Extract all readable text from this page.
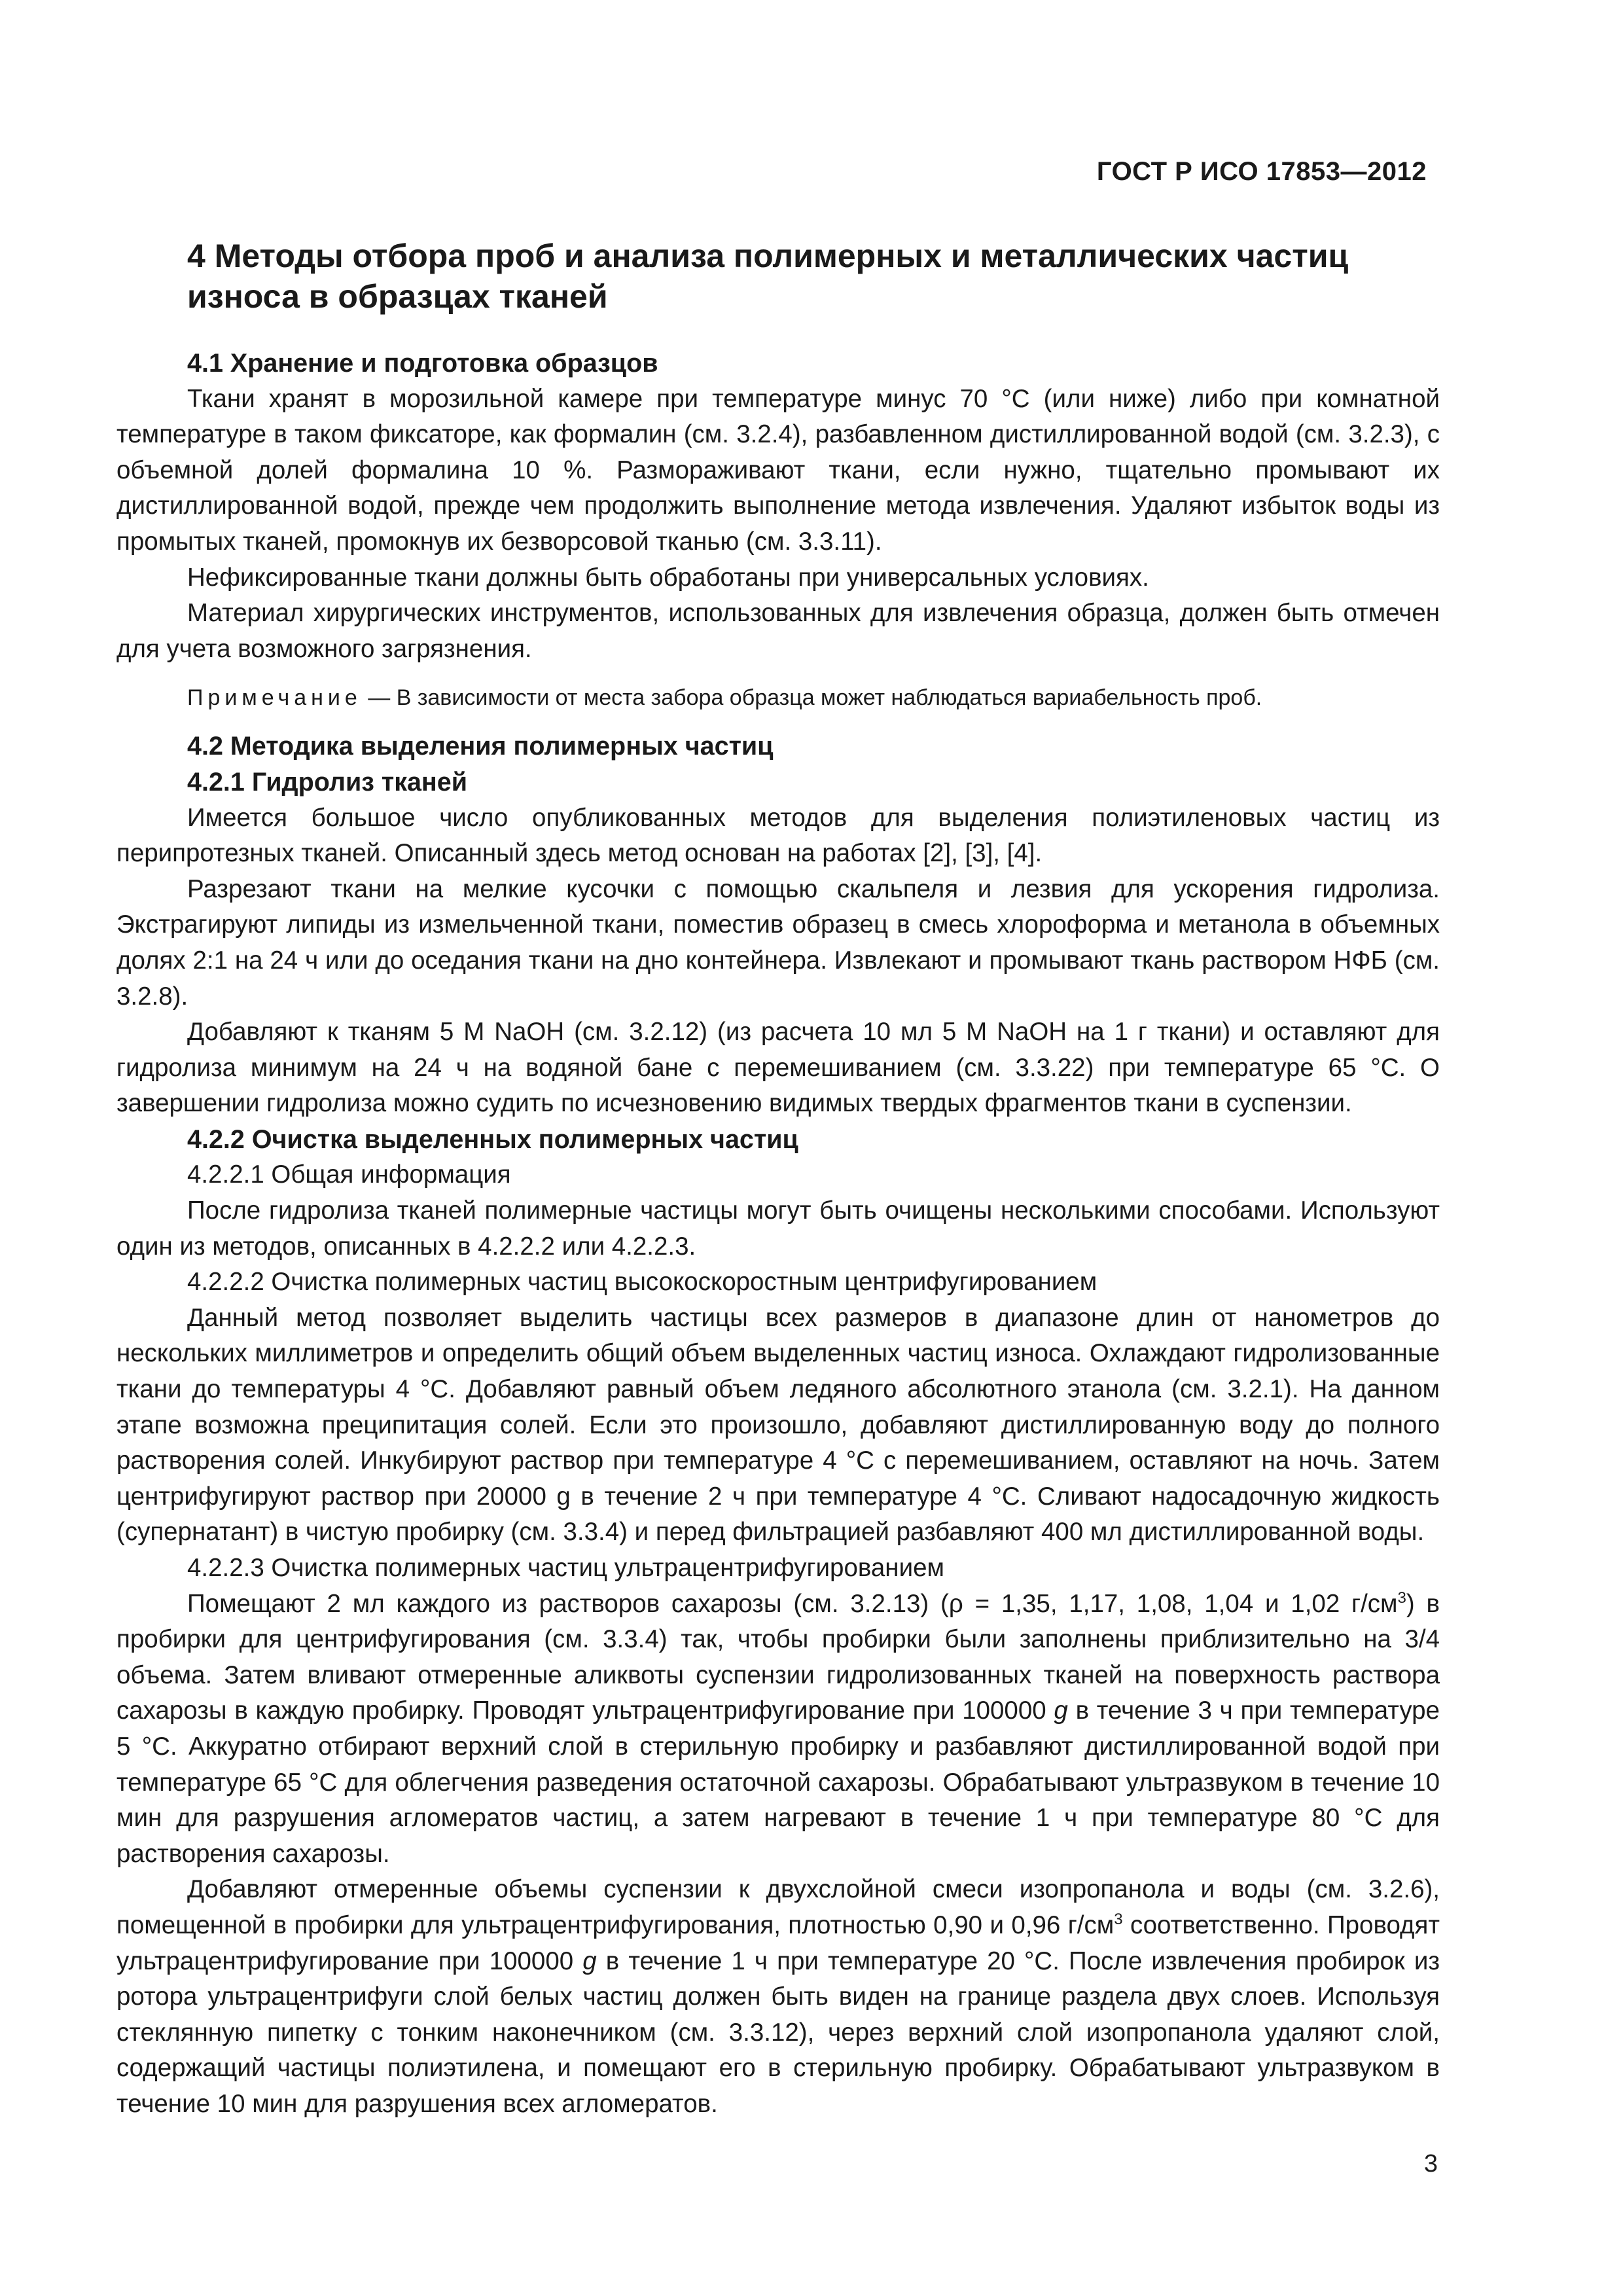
ГОСТ Р ИСО 17853—2012
4 Методы отбора проб и анализа полимерных и металлических частиц износа в образцах тканей
4.1 Хранение и подготовка образцов

Ткани хранят в морозильной камере при температуре минус 70 °С (или ниже) либо при комнатной температуре в таком фиксаторе, как формалин (см. 3.2.4), разбавленном дистиллированной водой (см. 3.2.3), с объемной долей формалина 10 %. Размораживают ткани, если нужно, тщательно промывают их дистиллированной водой, прежде чем продолжить выполнение метода извлечения. Удаляют избыток воды из промытых тканей, промокнув их безворсовой тканью (см. 3.3.11).

Нефиксированные ткани должны быть обработаны при универсальных условиях.

Материал хирургических инструментов, использованных для извлечения образца, должен быть отмечен для учета возможного загрязнения.

Примечание — В зависимости от места забора образца может наблюдаться вариабельность проб.

4.2 Методика выделения полимерных частиц
4.2.1 Гидролиз тканей

Имеется большое число опубликованных методов для выделения полиэтиленовых частиц из перипротезных тканей. Описанный здесь метод основан на работах [2], [3], [4].

Разрезают ткани на мелкие кусочки с помощью скальпеля и лезвия для ускорения гидролиза. Экстрагируют липиды из измельченной ткани, поместив образец в смесь хлороформа и метанола в объемных долях 2:1 на 24 ч или до оседания ткани на дно контейнера. Извлекают и промывают ткань раствором НФБ (см. 3.2.8).

Добавляют к тканям 5 М NaOH (см. 3.2.12) (из расчета 10 мл 5 М NaOH на 1 г ткани) и оставляют для гидролиза минимум на 24 ч на водяной бане с перемешиванием (см. 3.3.22) при температуре 65 °С. О завершении гидролиза можно судить по исчезновению видимых твердых фрагментов ткани в суспензии.

4.2.2 Очистка выделенных полимерных частиц
4.2.2.1 Общая информация

После гидролиза тканей полимерные частицы могут быть очищены несколькими способами. Используют один из методов, описанных в 4.2.2.2 или 4.2.2.3.

4.2.2.2 Очистка полимерных частиц высокоскоростным центрифугированием

Данный метод позволяет выделить частицы всех размеров в диапазоне длин от нанометров до нескольких миллиметров и определить общий объем выделенных частиц износа. Охлаждают гидролизованные ткани до температуры 4 °С. Добавляют равный объем ледяного абсолютного этанола (см. 3.2.1). На данном этапе возможна преципитация солей. Если это произошло, добавляют дистиллированную воду до полного растворения солей. Инкубируют раствор при температуре 4 °С с перемешиванием, оставляют на ночь. Затем центрифугируют раствор при 20000 g в течение 2 ч при температуре 4 °С. Сливают надосадочную жидкость (супернатант) в чистую пробирку (см. 3.3.4) и перед фильтрацией разбавляют 400 мл дистиллированной воды.

4.2.2.3 Очистка полимерных частиц ультрацентрифугированием

Помещают 2 мл каждого из растворов сахарозы (см. 3.2.13) (ρ = 1,35, 1,17, 1,08, 1,04 и 1,02 $г/см^3$) в пробирки для центрифугирования (см. 3.3.4) так, чтобы пробирки были заполнены приблизительно на 3/4 объема. Затем вливают отмеренные аликвоты суспензии гидролизованных тканей на поверхность раствора сахарозы в каждую пробирку. Проводят ультрацентрифугирование при 100000 g в течение 3 ч при температуре 5 °С. Аккуратно отбирают верхний слой в стерильную пробирку и разбавляют дистиллированной водой при температуре 65 °С для облегчения разведения остаточной сахарозы. Обрабатывают ультразвуком в течение 10 мин для разрушения агломератов частиц, а затем нагревают в течение 1 ч при температуре 80 °С для растворения сахарозы.

Добавляют отмеренные объемы суспензии к двухслойной смеси изопропанола и воды (см. 3.2.6), помещенной в пробирки для ультрацентрифугирования, плотностью 0,90 и 0,96 $г/см^3$ соответственно. Проводят ультрацентрифугирование при 100000 g в течение 1 ч при температуре 20 °С. После извлечения пробирок из ротора ультрацентрифуги слой белых частиц должен быть виден на границе раздела двух слоев. Используя стеклянную пипетку с тонким наконечником (см. 3.3.12), через верхний слой изопропанола удаляют слой, содержащий частицы полиэтилена, и помещают его в стерильную пробирку. Обрабатывают ультразвуком в течение 10 мин для разрушения всех агломератов.

3
